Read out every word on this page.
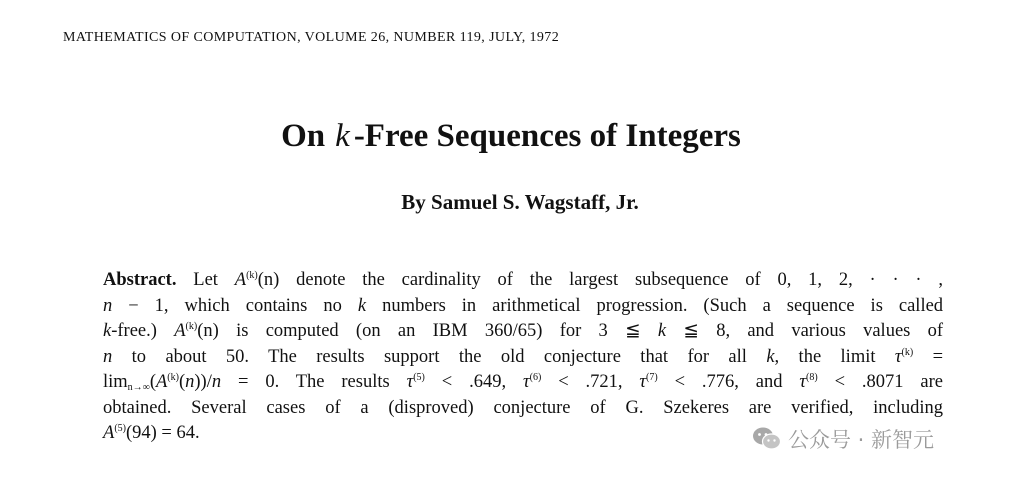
MATHEMATICS OF COMPUTATION, VOLUME 26, NUMBER 119, JULY, 1972
On k -Free Sequences of Integers
By Samuel S. Wagstaff, Jr.
Abstract. Let $A^{(k)}(n)$ denote the cardinality of the largest subsequence of 0, 1, 2, · · · ,
n − 1, which contains no k numbers in arithmetical progression. (Such a sequence is called
k-free.) $A^{(k)}(n)$ is computed (on an IBM 360/65) for 3 ≦ k ≦ 8, and various values of
n to about 50. The results support the old conjecture that for all k, the limit $\tau^{(k)}$ =
$\lim_{n\to\infty}(A^{(k)}(n))/n = 0$. The results $\tau^{(5)} < .649$, $\tau^{(6)} < .721$, $\tau^{(7)} < .776$, and $\tau^{(8)} < .8071$ are
obtained. Several cases of a (disproved) conjecture of G. Szekeres are verified, including
$A^{(5)}(94) = 64$.	公众号 · 新智元
